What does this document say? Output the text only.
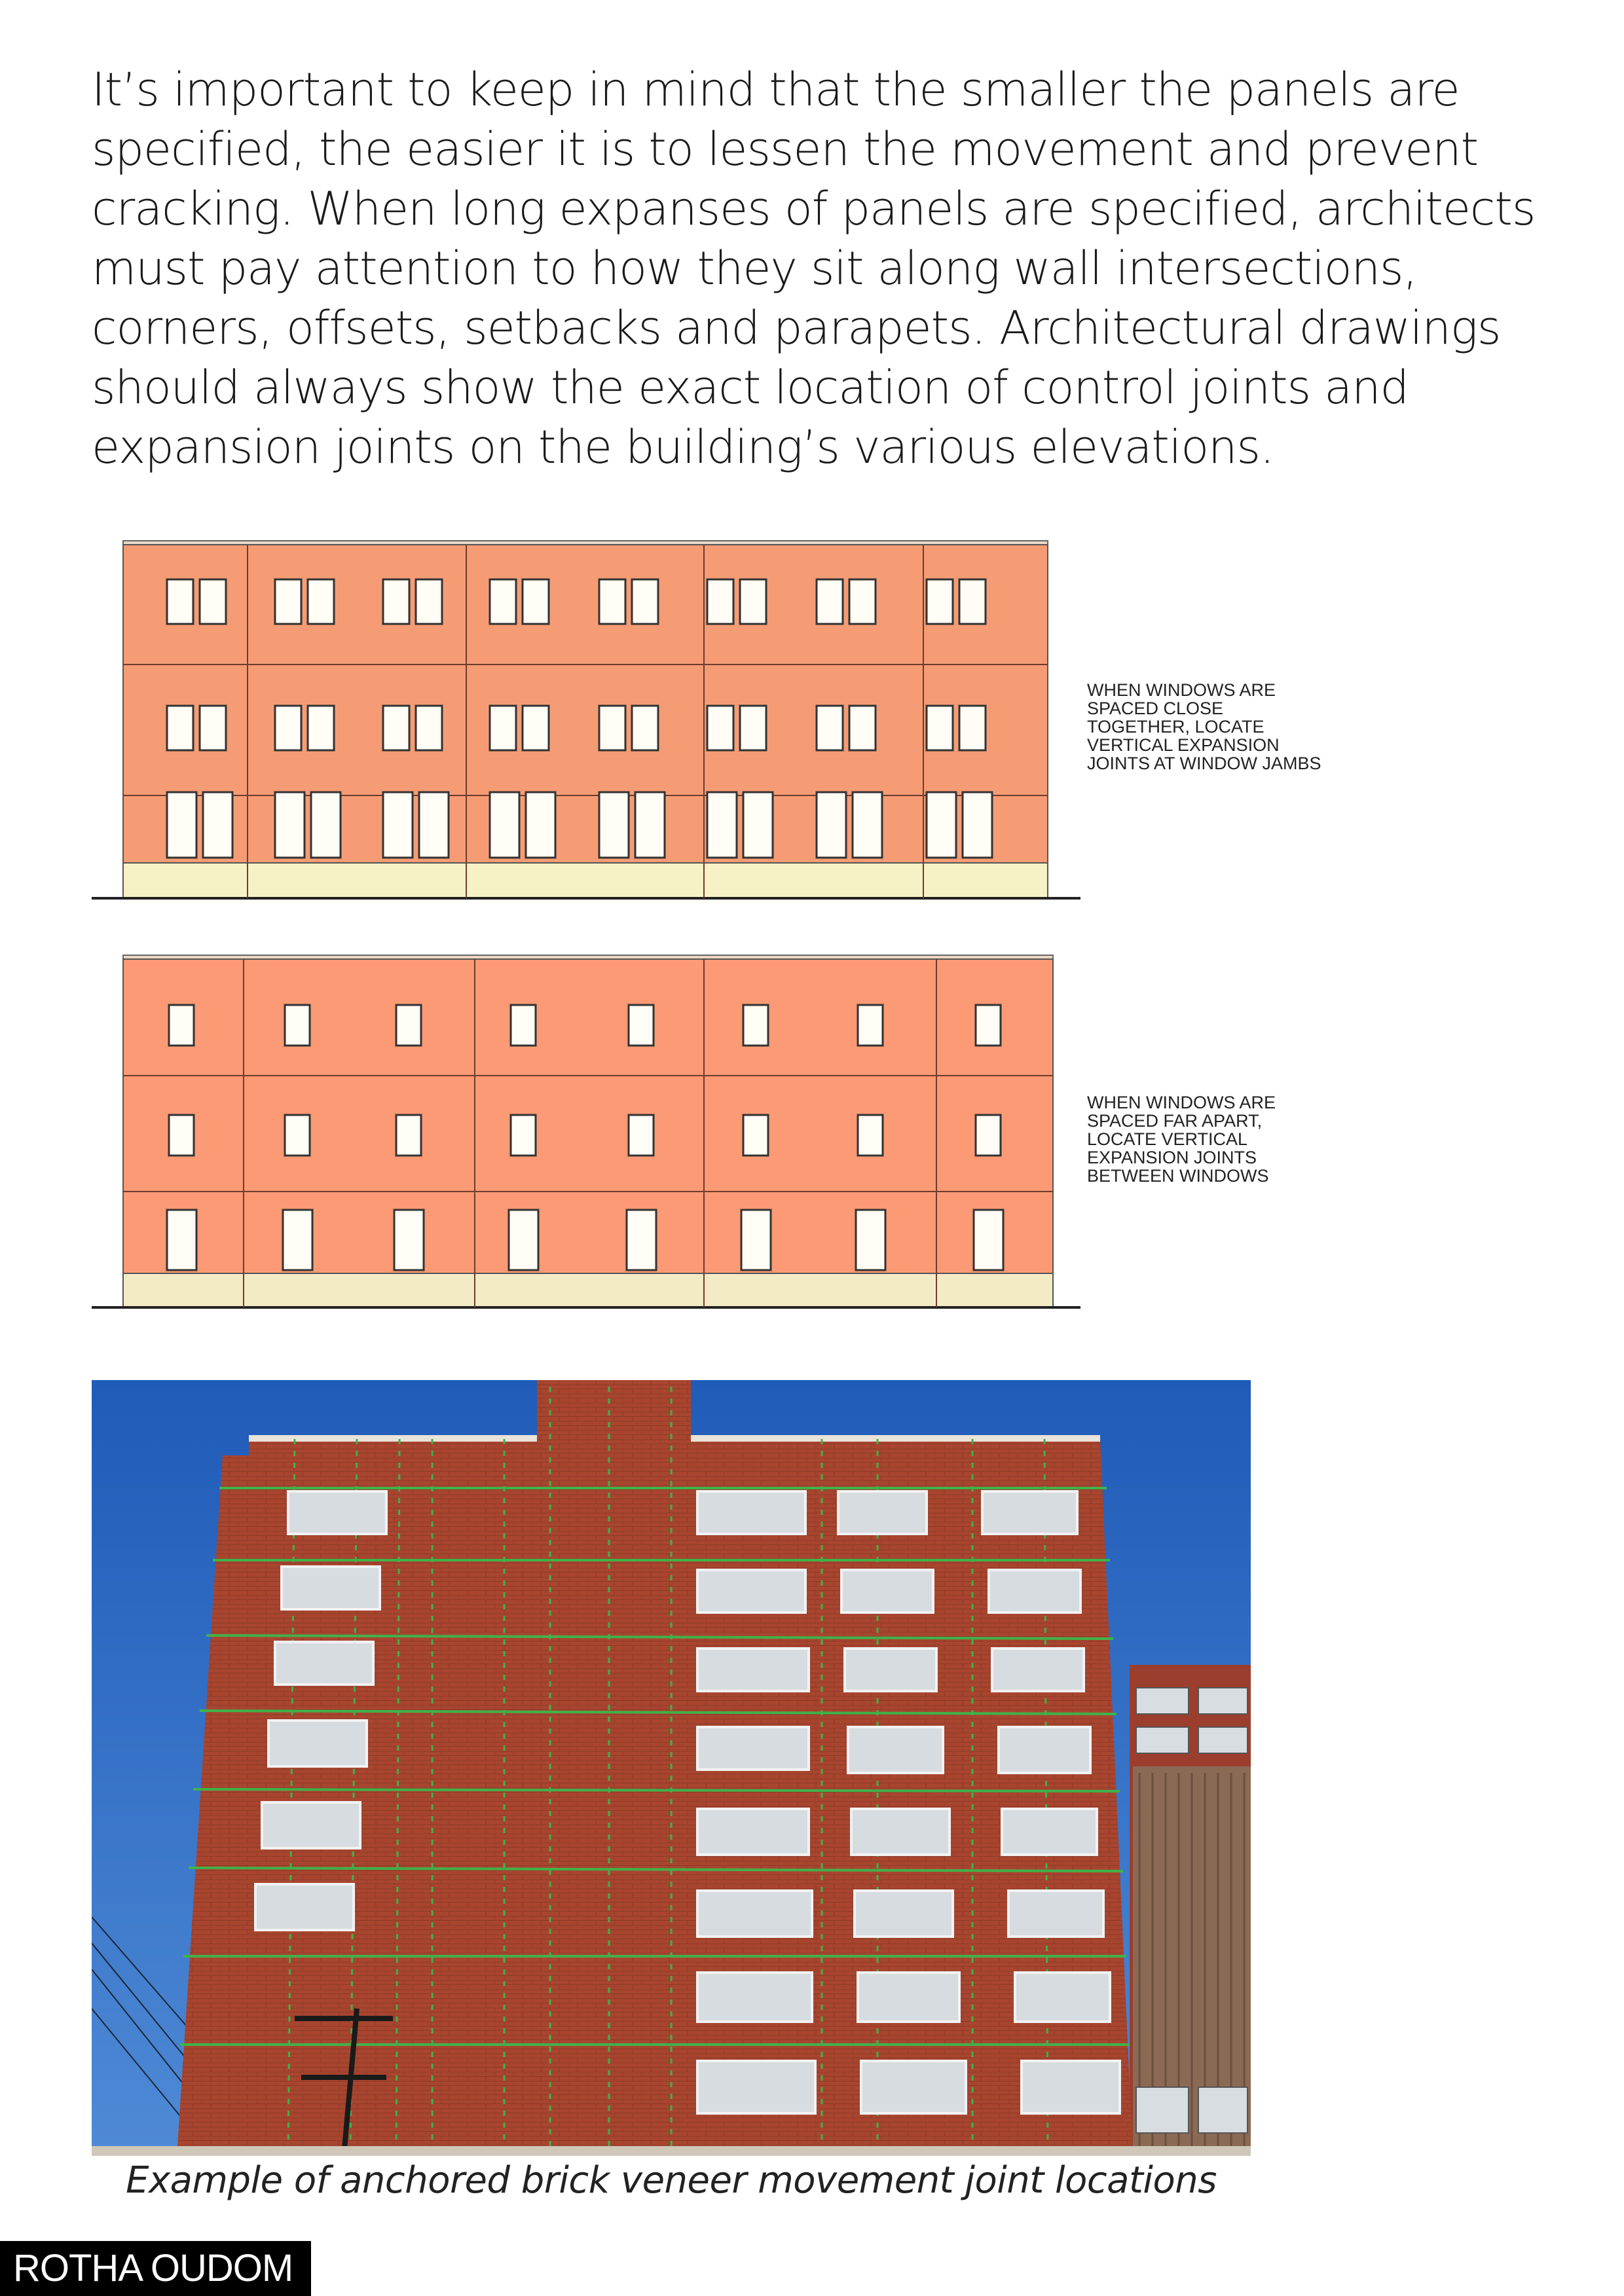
It’s important to keep in mind that the smaller the panels are specified, the easier it is to lessen the movement and prevent cracking. When long expanses of panels are specified, architects must pay attention to how they sit along wall intersections, corners, offsets, setbacks and parapets. Architectural drawings should always show the exact location of control joints and expansion joints on the building’s various elevations.

WHEN WINDOWS ARE SPACED CLOSE TOGETHER, LOCATE VERTICAL EXPANSION JOINTS AT WINDOW JAMBS

WHEN WINDOWS ARE SPACED FAR APART, LOCATE VERTICAL EXPANSION JOINTS BETWEEN WINDOWS

Example of anchored brick veneer movement joint locations

ROTHA OUDOM
